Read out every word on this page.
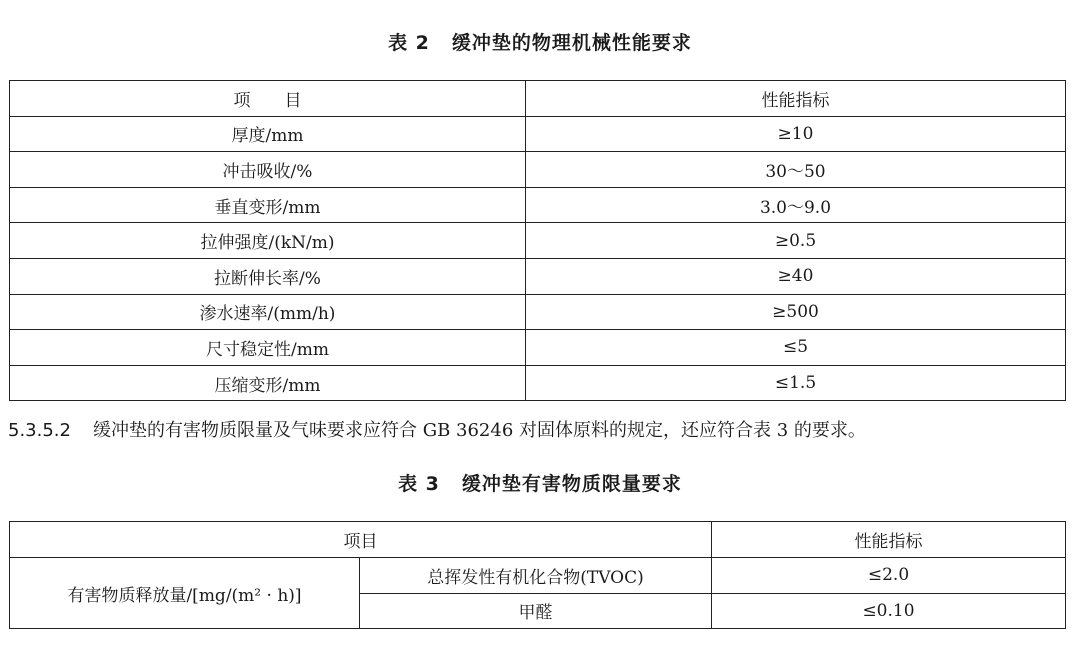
表 2 缓冲垫的物理机械性能要求
项　　目	性能指标
厚度/mm	≥10
冲击吸收/%	30～50
垂直变形/mm	3.0～9.0
拉伸强度/(kN/m)	≥0.5
拉断伸长率/%	≥40
渗水速率/(mm/h)	≥500
尺寸稳定性/mm	≤5
压缩变形/mm	≤1.5
5.3.5.2 缓冲垫的有害物质限量及气味要求应符合 GB 36246 对固体原料的规定，还应符合表 3 的要求。
表 3 缓冲垫有害物质限量要求
项目		性能指标
有害物质释放量/[mg/(m² · h)]	总挥发性有机化合物(TVOC)	≤2.0
	甲醛	≤0.10
